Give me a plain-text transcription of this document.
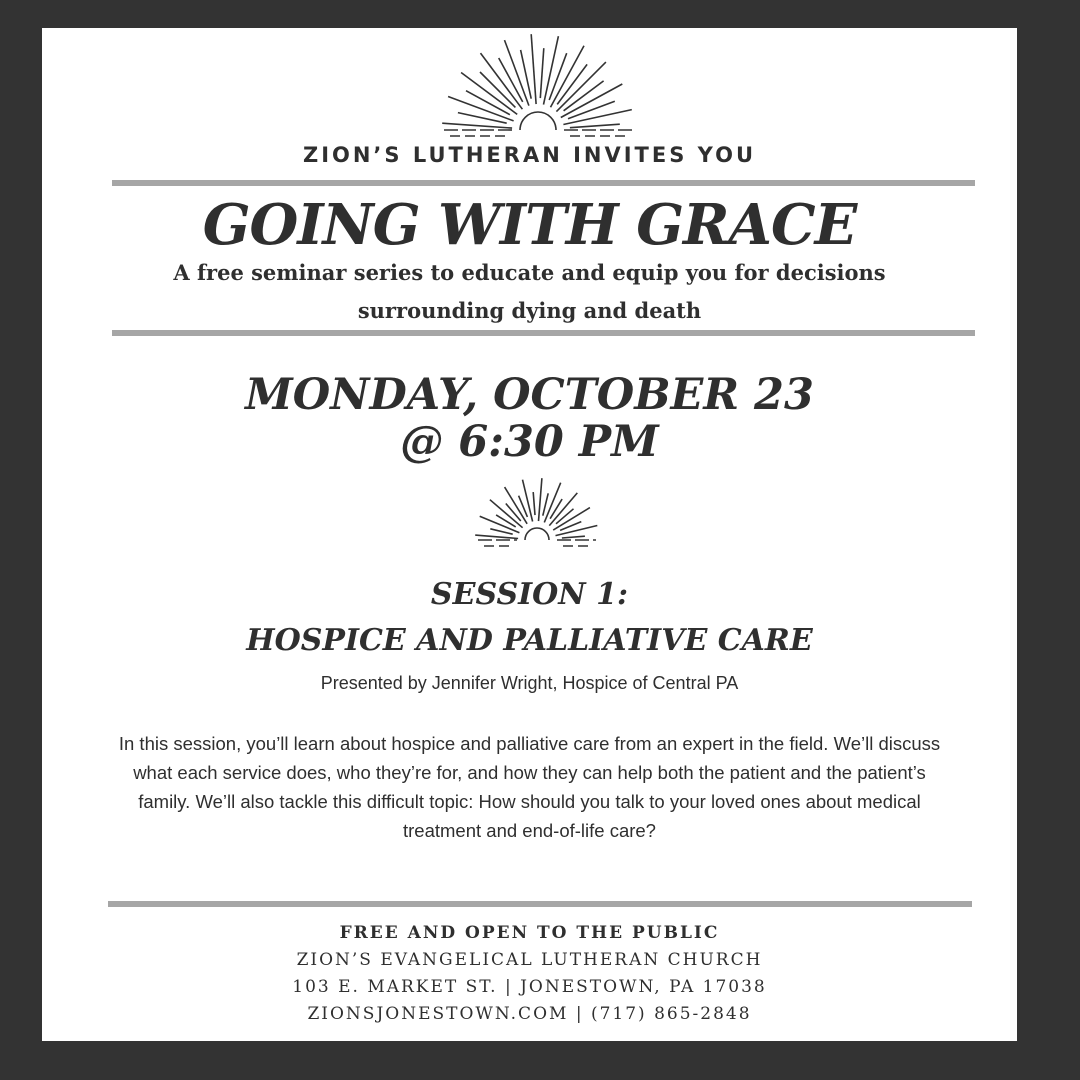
ZION’S LUTHERAN INVITES YOU
GOING WITH GRACE
A free seminar series to educate and equip you for decisions surrounding dying and death
MONDAY, OCTOBER 23
@ 6:30 PM
SESSION 1:
HOSPICE AND PALLIATIVE CARE
Presented by Jennifer Wright, Hospice of Central PA
In this session, you’ll learn about hospice and palliative care from an expert in the field. We’ll discuss what each service does, who they’re for, and how they can help both the patient and the patient’s family. We’ll also tackle this difficult topic: How should you talk to your loved ones about medical treatment and end-of-life care?
FREE AND OPEN TO THE PUBLIC
ZION’S EVANGELICAL LUTHERAN CHURCH
103 E. MARKET ST. | JONESTOWN, PA 17038
ZIONSJONESTOWN.COM | (717) 865-2848
